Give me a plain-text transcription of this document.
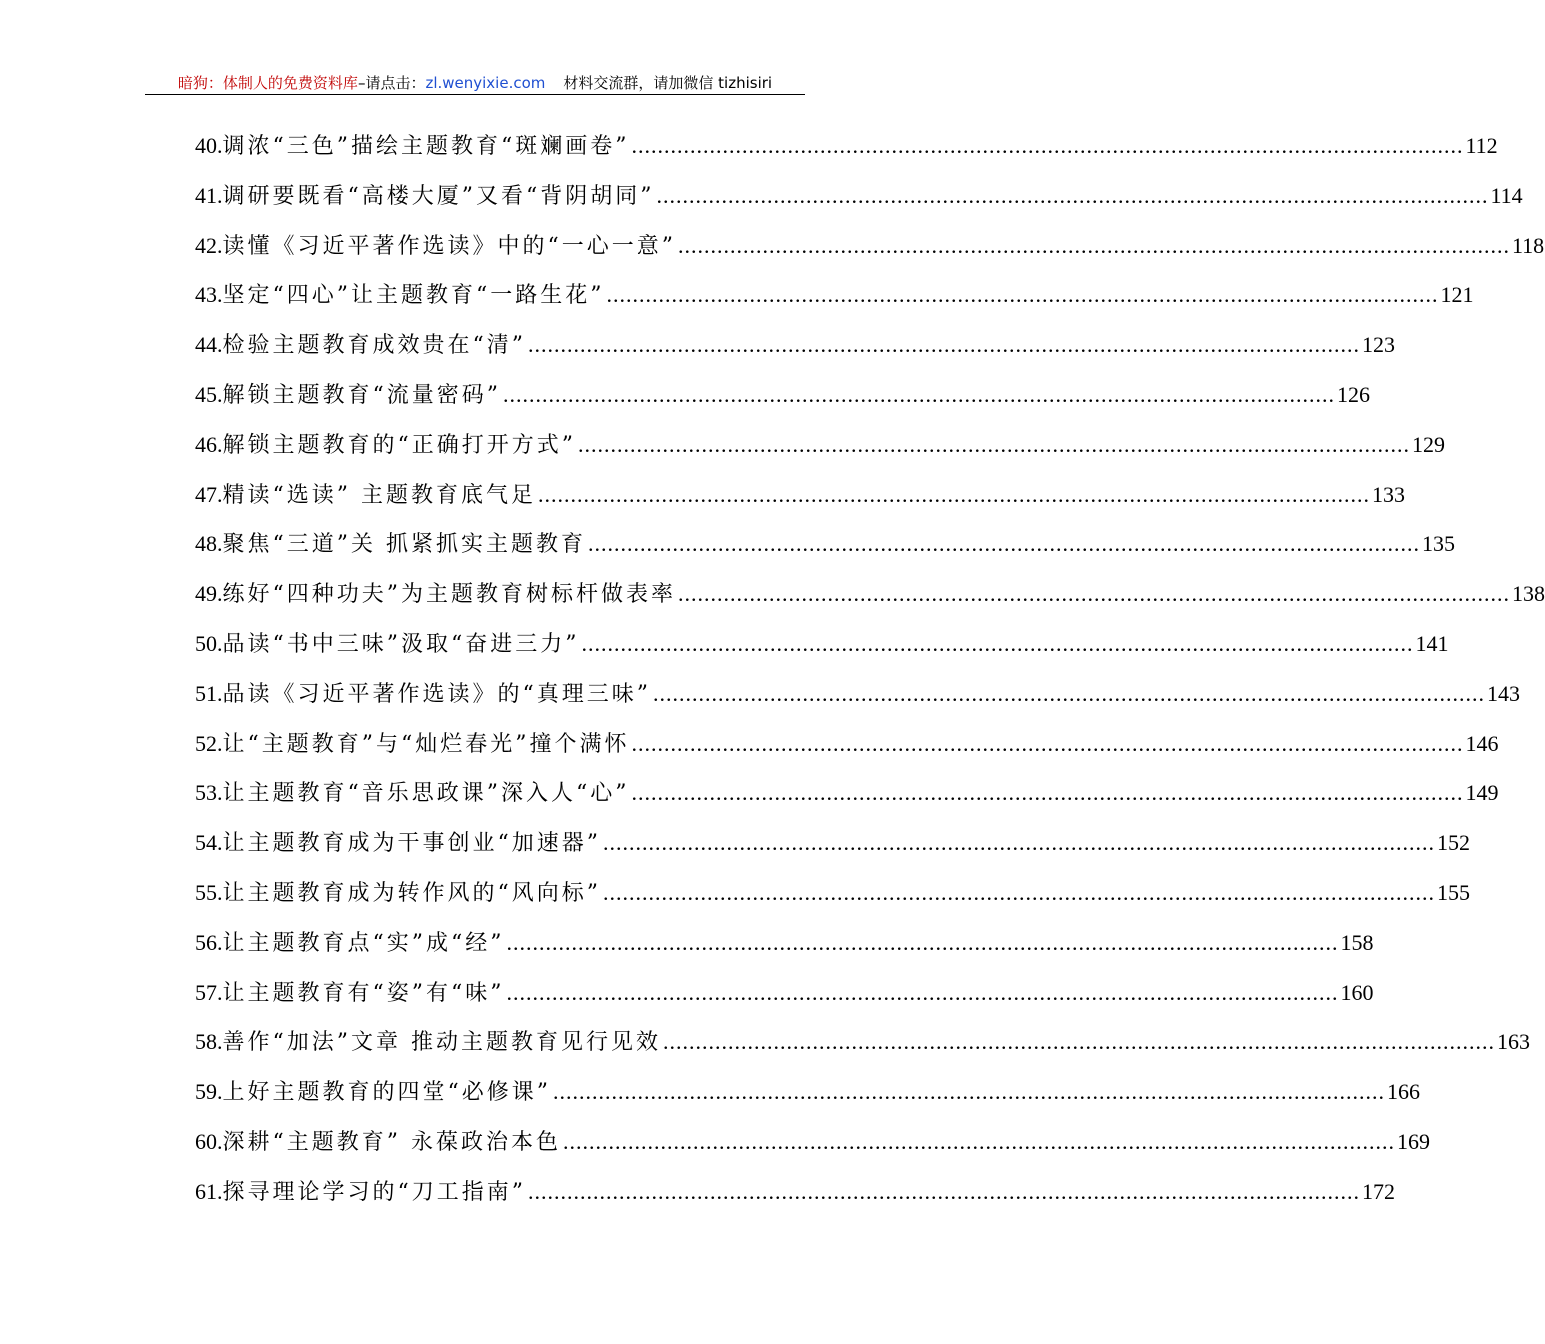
暗狗：体制人的免费资料库 –请点击： zl.wenyixie.com 材料交流群，请加微信 tizhisiri
40. 调浓“三色”描绘主题教育“斑斓画卷” .....	112
41. 调研要既看“高楼大厦”又看“背阴胡同” .....	114
42. 读懂《习近平著作选读》中的“一心一意” .....	118
43. 坚定“四心”让主题教育“一路生花” .....	121
44. 检验主题教育成效贵在“清” .....	123
45. 解锁主题教育“流量密码” .....	126
46. 解锁主题教育的“正确打开方式” .....	129
47. 精读“选读” 主题教育底气足 .....	133
48. 聚焦“三道”关 抓紧抓实主题教育 .....	135
49. 练好“四种功夫”为主题教育树标杆做表率 .....	138
50. 品读“书中三味”汲取“奋进三力” .....	141
51. 品读《习近平著作选读》的“真理三味” .....	143
52. 让“主题教育”与“灿烂春光”撞个满怀 .....	146
53. 让主题教育“音乐思政课”深入人“心” .....	149
54. 让主题教育成为干事创业“加速器” .....	152
55. 让主题教育成为转作风的“风向标” .....	155
56. 让主题教育点“实”成“经” .....	158
57. 让主题教育有“姿”有“味” .....	160
58. 善作“加法”文章 推动主题教育见行见效 .....	163
59. 上好主题教育的四堂“必修课” .....	166
60. 深耕“主题教育” 永葆政治本色 .....	169
61. 探寻理论学习的“刀工指南” .....	172
